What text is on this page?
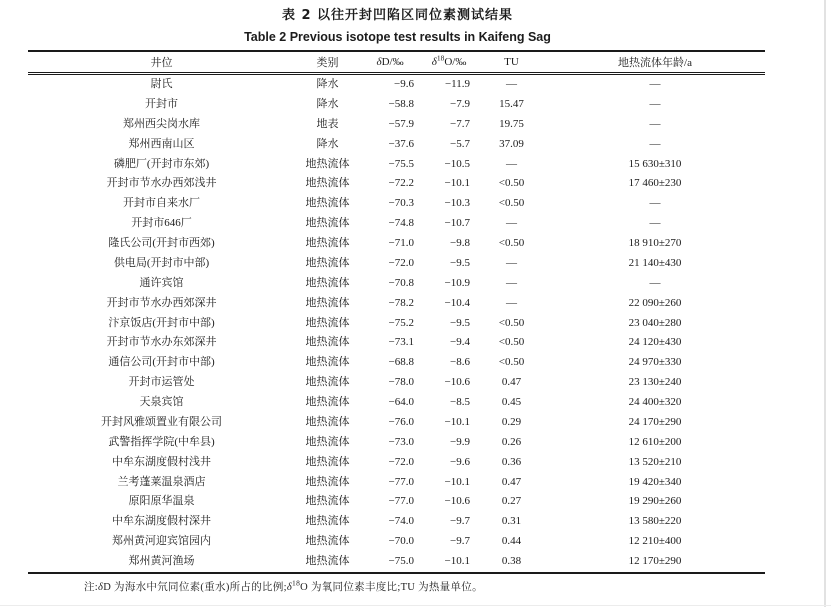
表 2 以往开封凹陷区同位素测试结果
Table 2 Previous isotope test results in Kaifeng Sag
井位	类别	δD/‰	$\delta^{18}O/‰$	TU	地热流体年龄/a
尉氏	降水	−9.6	−11.9	—	—
开封市	降水	−58.8	−7.9	15.47	—
郑州西尖岗水库	地表	−57.9	−7.7	19.75	—
郑州西南山区	降水	−37.6	−5.7	37.09	—
磷肥厂(开封市东郊)	地热流体	−75.5	−10.5	—	15 630±310
开封市节水办西郊浅井	地热流体	−72.2	−10.1	<0.50	17 460±230
开封市自来水厂	地热流体	−70.3	−10.3	<0.50	—
开封市646厂	地热流体	−74.8	−10.7	—	—
隆氏公司(开封市西郊)	地热流体	−71.0	−9.8	<0.50	18 910±270
供电局(开封市中部)	地热流体	−72.0	−9.5	—	21 140±430
通许宾馆	地热流体	−70.8	−10.9	—	—
开封市节水办西郊深井	地热流体	−78.2	−10.4	—	22 090±260
汴京饭店(开封市中部)	地热流体	−75.2	−9.5	<0.50	23 040±280
开封市节水办东郊深井	地热流体	−73.1	−9.4	<0.50	24 120±430
通信公司(开封市中部)	地热流体	−68.8	−8.6	<0.50	24 970±330
开封市运管处	地热流体	−78.0	−10.6	0.47	23 130±240
天泉宾馆	地热流体	−64.0	−8.5	0.45	24 400±320
开封风雅颂置业有限公司	地热流体	−76.0	−10.1	0.29	24 170±290
武警指挥学院(中牟县)	地热流体	−73.0	−9.9	0.26	12 610±200
中牟东湖度假村浅井	地热流体	−72.0	−9.6	0.36	13 520±210
兰考蓬莱温泉酒店	地热流体	−77.0	−10.1	0.47	19 420±340
原阳原华温泉	地热流体	−77.0	−10.6	0.27	19 290±260
中牟东湖度假村深井	地热流体	−74.0	−9.7	0.31	13 580±220
郑州黄河迎宾馆园内	地热流体	−70.0	−9.7	0.44	12 210±400
郑州黄河渔场	地热流体	−75.0	−10.1	0.38	12 170±290
注:δD 为海水中氘同位素(重水)所占的比例$;\delta^{18}O$ 为氧同位素丰度比;TU 为热量单位。
